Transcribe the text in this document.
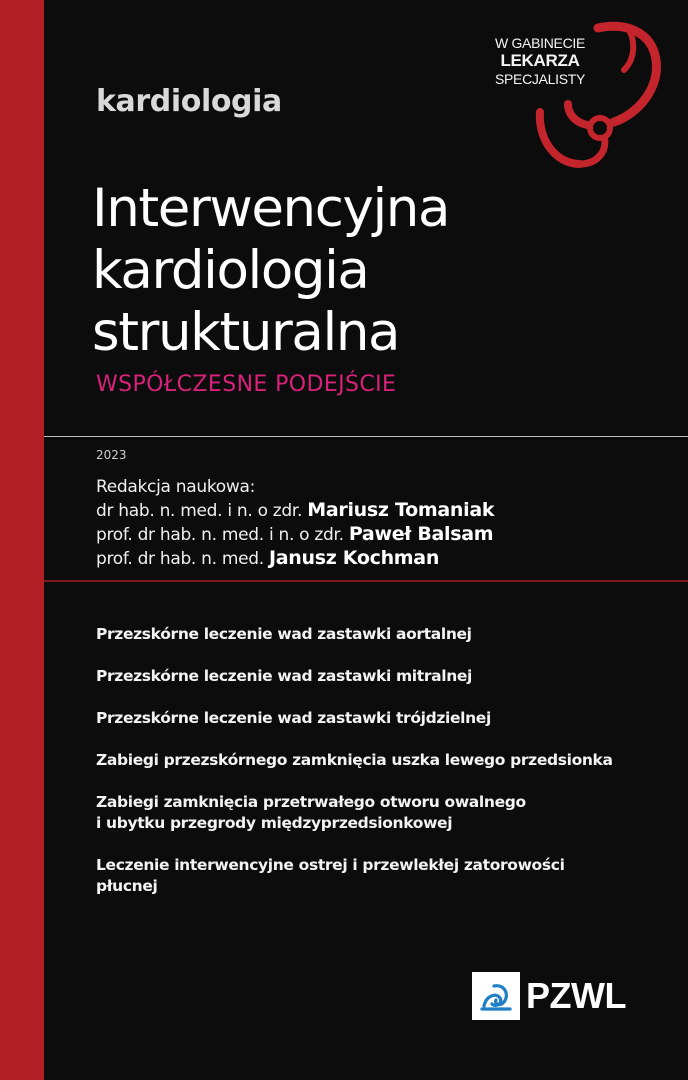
W GABINECIE
LEKARZA
SPECJALISTY
kardiologia
Interwencyjna
kardiologia
strukturalna
WSPÓŁCZESNE PODEJŚCIE
2023
Redakcja naukowa:
dr hab. n. med. i n. o zdr. Mariusz Tomaniak
prof. dr hab. n. med. i n. o zdr. Paweł Balsam
prof. dr hab. n. med. Janusz Kochman
Przezskórne leczenie wad zastawki aortalnej
Przezskórne leczenie wad zastawki mitralnej
Przezskórne leczenie wad zastawki trójdzielnej
Zabiegi przezskórnego zamknięcia uszka lewego przedsionka
Zabiegi zamknięcia przetrwałego otworu owalnego
i ubytku przegrody międzyprzedsionkowej
Leczenie interwencyjne ostrej i przewlekłej zatorowości
płucnej
PZWL
